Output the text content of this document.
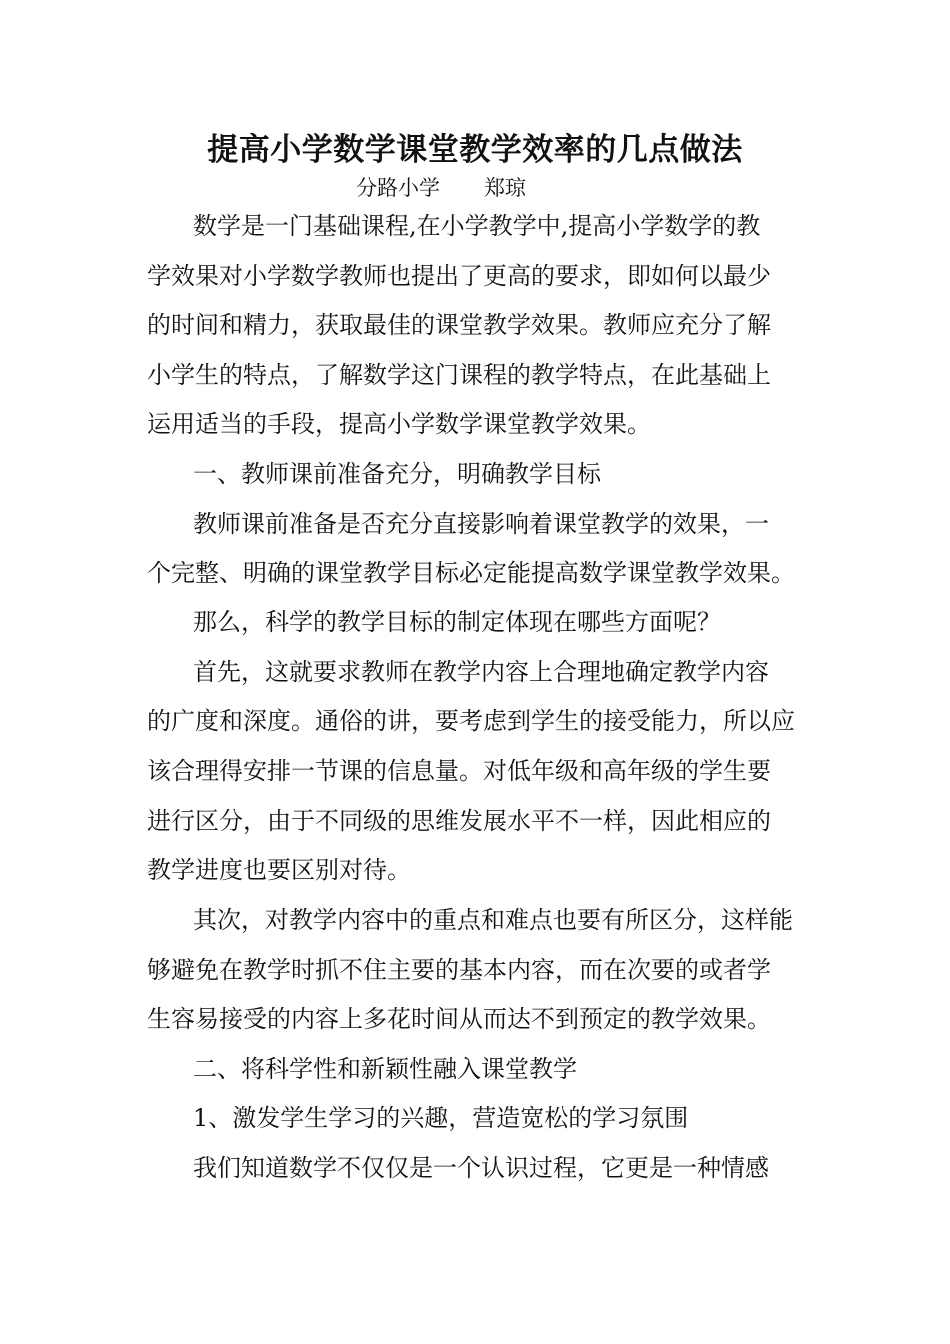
提高小学数学课堂教学效率的几点做法
分路小学 郑琼
数学是一门基础课程,在小学教学中,提高小学数学的教
学效果对小学数学教师也提出了更高的要求，即如何以最少
的时间和精力，获取最佳的课堂教学效果。教师应充分了解
小学生的特点，了解数学这门课程的教学特点，在此基础上
运用适当的手段，提高小学数学课堂教学效果。
一、教师课前准备充分，明确教学目标
教师课前准备是否充分直接影响着课堂教学的效果，一
个完整、明确的课堂教学目标必定能提高数学课堂教学效果。
那么，科学的教学目标的制定体现在哪些方面呢？
首先，这就要求教师在教学内容上合理地确定教学内容
的广度和深度。通俗的讲，要考虑到学生的接受能力，所以应
该合理得安排一节课的信息量。对低年级和高年级的学生要
进行区分，由于不同级的思维发展水平不一样，因此相应的
教学进度也要区别对待。
其次，对教学内容中的重点和难点也要有所区分，这样能
够避免在教学时抓不住主要的基本内容，而在次要的或者学
生容易接受的内容上多花时间从而达不到预定的教学效果。
二、将科学性和新颖性融入课堂教学
1、激发学生学习的兴趣，营造宽松的学习氛围
我们知道数学不仅仅是一个认识过程，它更是一种情感
